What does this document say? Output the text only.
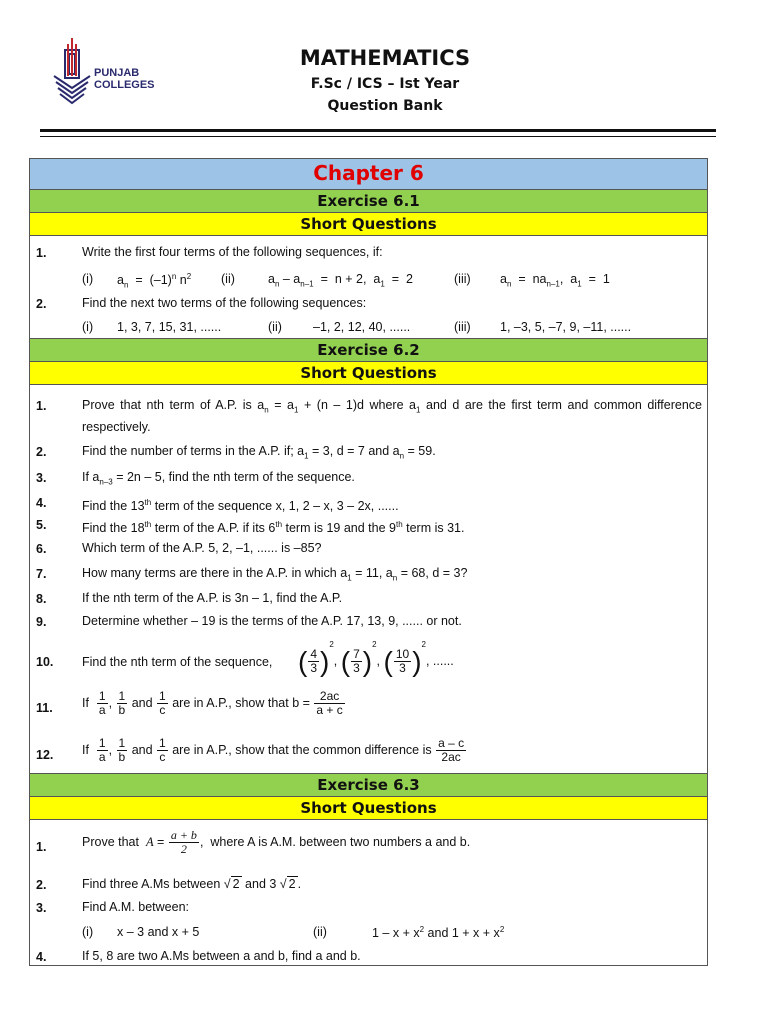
PUNJAB
COLLEGES
MATHEMATICS
F.Sc / ICS – Ist Year
Question Bank
Chapter 6
Exercise 6.1
Short Questions
1.	Write the first four terms of the following sequences, if:
(i) $a_n = (-1)^n$ $n^2$ (ii)	$a_n - a_{n-1} = n + 2$,  $a_1 = 2$	(iii) $a_n = na_{n-1}$,  $a_1 = 1$
2.	Find the next two terms of the following sequences:
(i) 1, 3, 7, 15, 31, ......	(ii) –1, 2, 12, 40, ......	(iii) 1, –3, 5, –7, 9, –11, ......
Exercise 6.2
Short Questions
1.	Prove that nth term of A.P. is $a_n = a_1 + (n - 1)d$ where $a_1$ and d are the first term and common difference respectively.
2.	Find the number of terms in the A.P. if; $a_1 = 3$, d = 7 and $a_n = 59$.
3.	If $a_{n-3} = 2n - 5$, find the nth term of the sequence.
4.	Find the 13th term of the sequence x, 1, 2 – x, 3 – 2x, ......
5.	Find the 18th term of the A.P. if its 6th term is 19 and the 9th term is 31.
6.	Which term of the A.P. 5, 2, –1, ...... is –85?
7.	How many terms are there in the A.P. in which $a_1 = 11$, $a_n = 68$, d = 3?
8.	If the nth term of the A.P. is 3n – 1, find the A.P.
9.	Determine whether – 19 is the terms of the A.P. 17, 13, 9, ...... or not.
10. Find the nth term of the sequence, ( $\frac{4}{3} )^2$, ( $\frac{7}{3} )^2$, ( $\frac{10}{3} )^2$, ......
11. If $\frac{1}{a}$ , $\frac{1}{b}$ and $\frac{1}{c}$ are in A.P., show that $b = \frac{2ac}{a + c}$
12. If $\frac{1}{a}$ , $\frac{1}{b}$ and $\frac{1}{c}$ are in A.P., show that the common difference is $\frac{a - c}{2ac}$
Exercise 6.3
Short Questions
1.	Prove that  $A = \frac{a + b}{2}$ ,  where A is A.M. between two numbers a and b.
2.	Find three A.Ms between √ 2 and 3 √ 2 .
3.	Find A.M. between:
(i) x – 3 and x + 5	(ii)	$1 - x + x^2$ and $1 + x + x^2$
4.	If 5, 8 are two A.Ms between a and b, find a and b.
